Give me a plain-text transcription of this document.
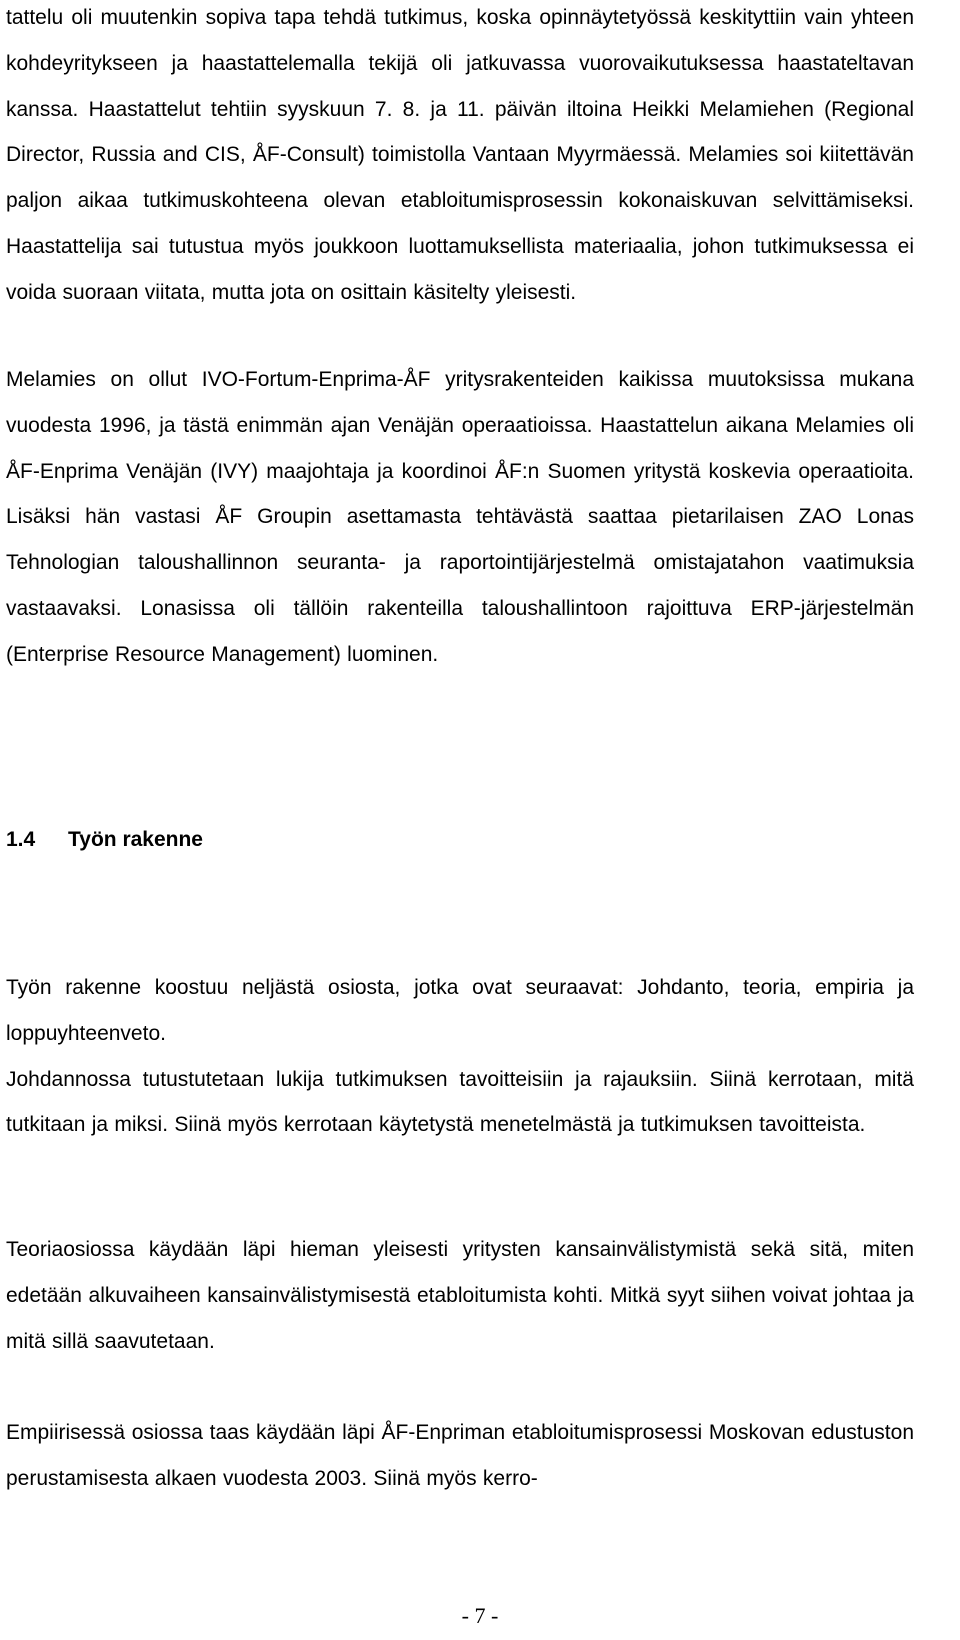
tattelu oli muutenkin sopiva tapa tehdä tutkimus, koska opinnäytetyössä keskityttiin vain yhteen kohdeyritykseen ja haastattelemalla tekijä oli jatkuvassa vuorovaikutuksessa haastateltavan kanssa. Haastattelut tehtiin syyskuun 7. 8. ja 11. päivän iltoina Heikki Melamiehen (Regional Director, Russia and CIS, ÅF-Consult) toimistolla Vantaan Myyrmäessä. Melamies soi kiitettävän paljon aikaa tutkimuskohteena olevan etabloitumisprosessin kokonaiskuvan selvittämiseksi. Haastattelija sai tutustua myös joukkoon luottamuksellista materiaalia, johon tutkimuksessa ei voida suoraan viitata, mutta jota on osittain käsitelty yleisesti.

Melamies on ollut IVO-Fortum-Enprima-ÅF yritysrakenteiden kaikissa muutoksissa mukana vuodesta 1996, ja tästä enimmän ajan Venäjän operaatioissa. Haastattelun aikana Melamies oli ÅF-Enprima Venäjän (IVY) maajohtaja ja koordinoi ÅF:n Suomen yritystä koskevia operaatioita. Lisäksi hän vastasi ÅF Groupin asettamasta tehtävästä saattaa pietarilaisen ZAO Lonas Tehnologian taloushallinnon seuranta- ja raportointijärjestelmä omistajatahon vaatimuksia vastaavaksi. Lonasissa oli tällöin rakenteilla taloushallintoon rajoittuva ERP-järjestelmän (Enterprise Resource Management) luominen.

1.4 Työn rakenne

Työn rakenne koostuu neljästä osiosta, jotka ovat seuraavat: Johdanto, teoria, empiria ja loppuyhteenveto.
Johdannossa tutustutetaan lukija tutkimuksen tavoitteisiin ja rajauksiin. Siinä kerrotaan, mitä tutkitaan ja miksi. Siinä myös kerrotaan käytetystä menetelmästä ja tutkimuksen tavoitteista.

Teoriaosiossa käydään läpi hieman yleisesti yritysten kansainvälistymistä sekä sitä, miten edetään alkuvaiheen kansainvälistymisestä etabloitumista kohti. Mitkä syyt siihen voivat johtaa ja mitä sillä saavutetaan.

Empiirisessä osiossa taas käydään läpi ÅF-Enpriman etabloitumisprosessi Moskovan edustuston perustamisesta alkaen vuodesta 2003. Siinä myös kerro-

- 7 -
